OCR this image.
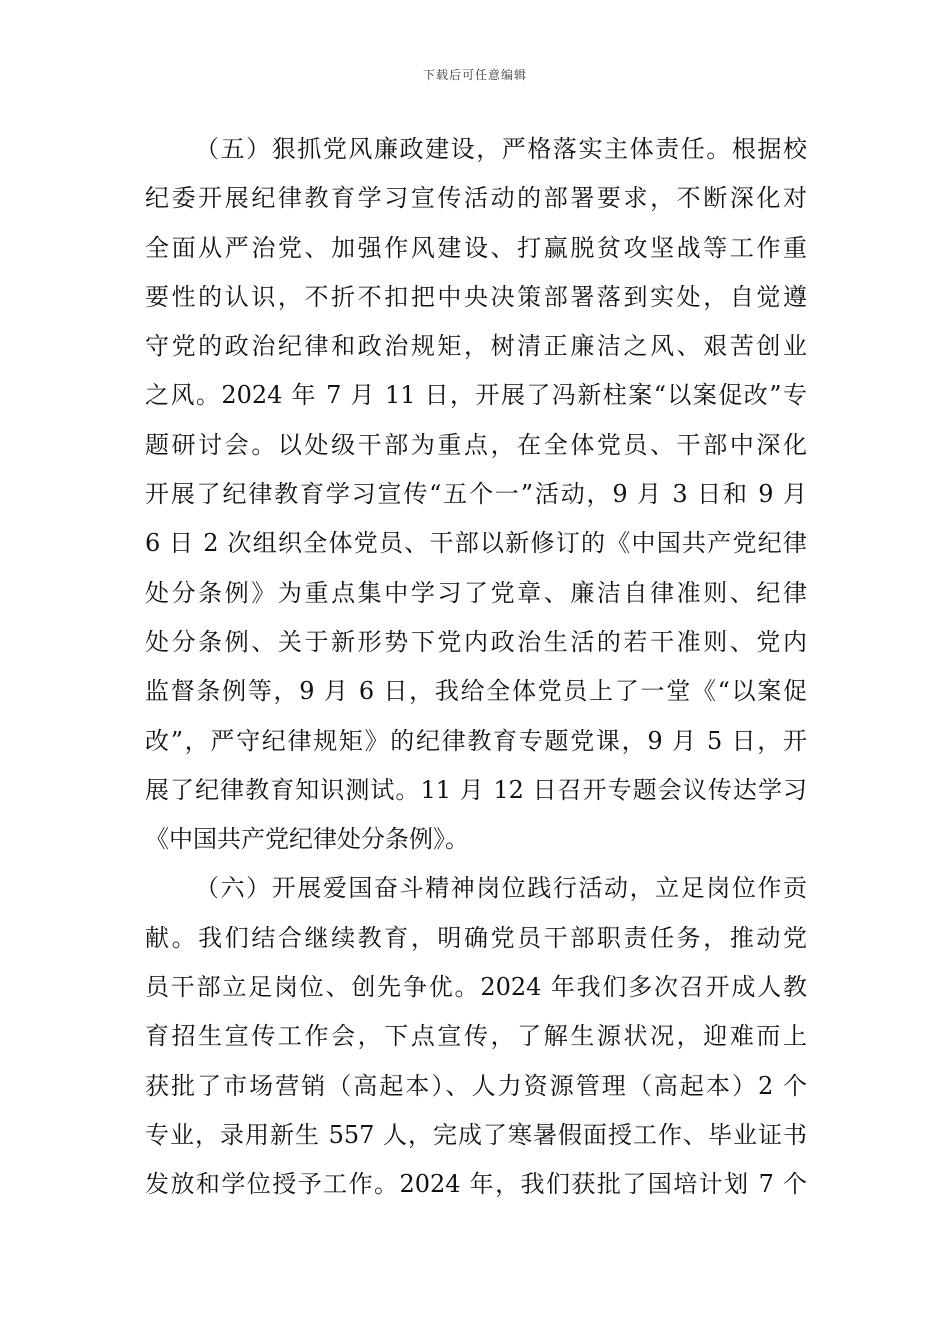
下载后可任意编辑
（五）狠抓党风廉政建设，严格落实主体责任。根据校
纪委开展纪律教育学习宣传活动的部署要求，不断深化对
全面从严治党、加强作风建设、打赢脱贫攻坚战等工作重
要性的认识，不折不扣把中央决策部署落到实处，自觉遵
守党的政治纪律和政治规矩，树清正廉洁之风、艰苦创业
之风。2024 年 7 月 11 日，开展了冯新柱案“以案促改”专
题研讨会。以处级干部为重点，在全体党员、干部中深化
开展了纪律教育学习宣传“五个一”活动，9 月 3 日和 9 月
6 日 2 次组织全体党员、干部以新修订的《中国共产党纪律
处分条例》为重点集中学习了党章、廉洁自律准则、纪律
处分条例、关于新形势下党内政治生活的若干准则、党内
监督条例等，9 月 6 日，我给全体党员上了一堂《“以案促
改”，严守纪律规矩》的纪律教育专题党课，9 月 5 日，开
展了纪律教育知识测试。11 月 12 日召开专题会议传达学习
《中国共产党纪律处分条例》。
（六）开展爱国奋斗精神岗位践行活动，立足岗位作贡
献。我们结合继续教育，明确党员干部职责任务，推动党
员干部立足岗位、创先争优。2024 年我们多次召开成人教
育招生宣传工作会，下点宣传，了解生源状况，迎难而上
获批了市场营销（高起本）、人力资源管理（高起本）2 个
专业，录用新生 557 人，完成了寒暑假面授工作、毕业证书
发放和学位授予工作。2024 年，我们获批了国培计划 7 个
